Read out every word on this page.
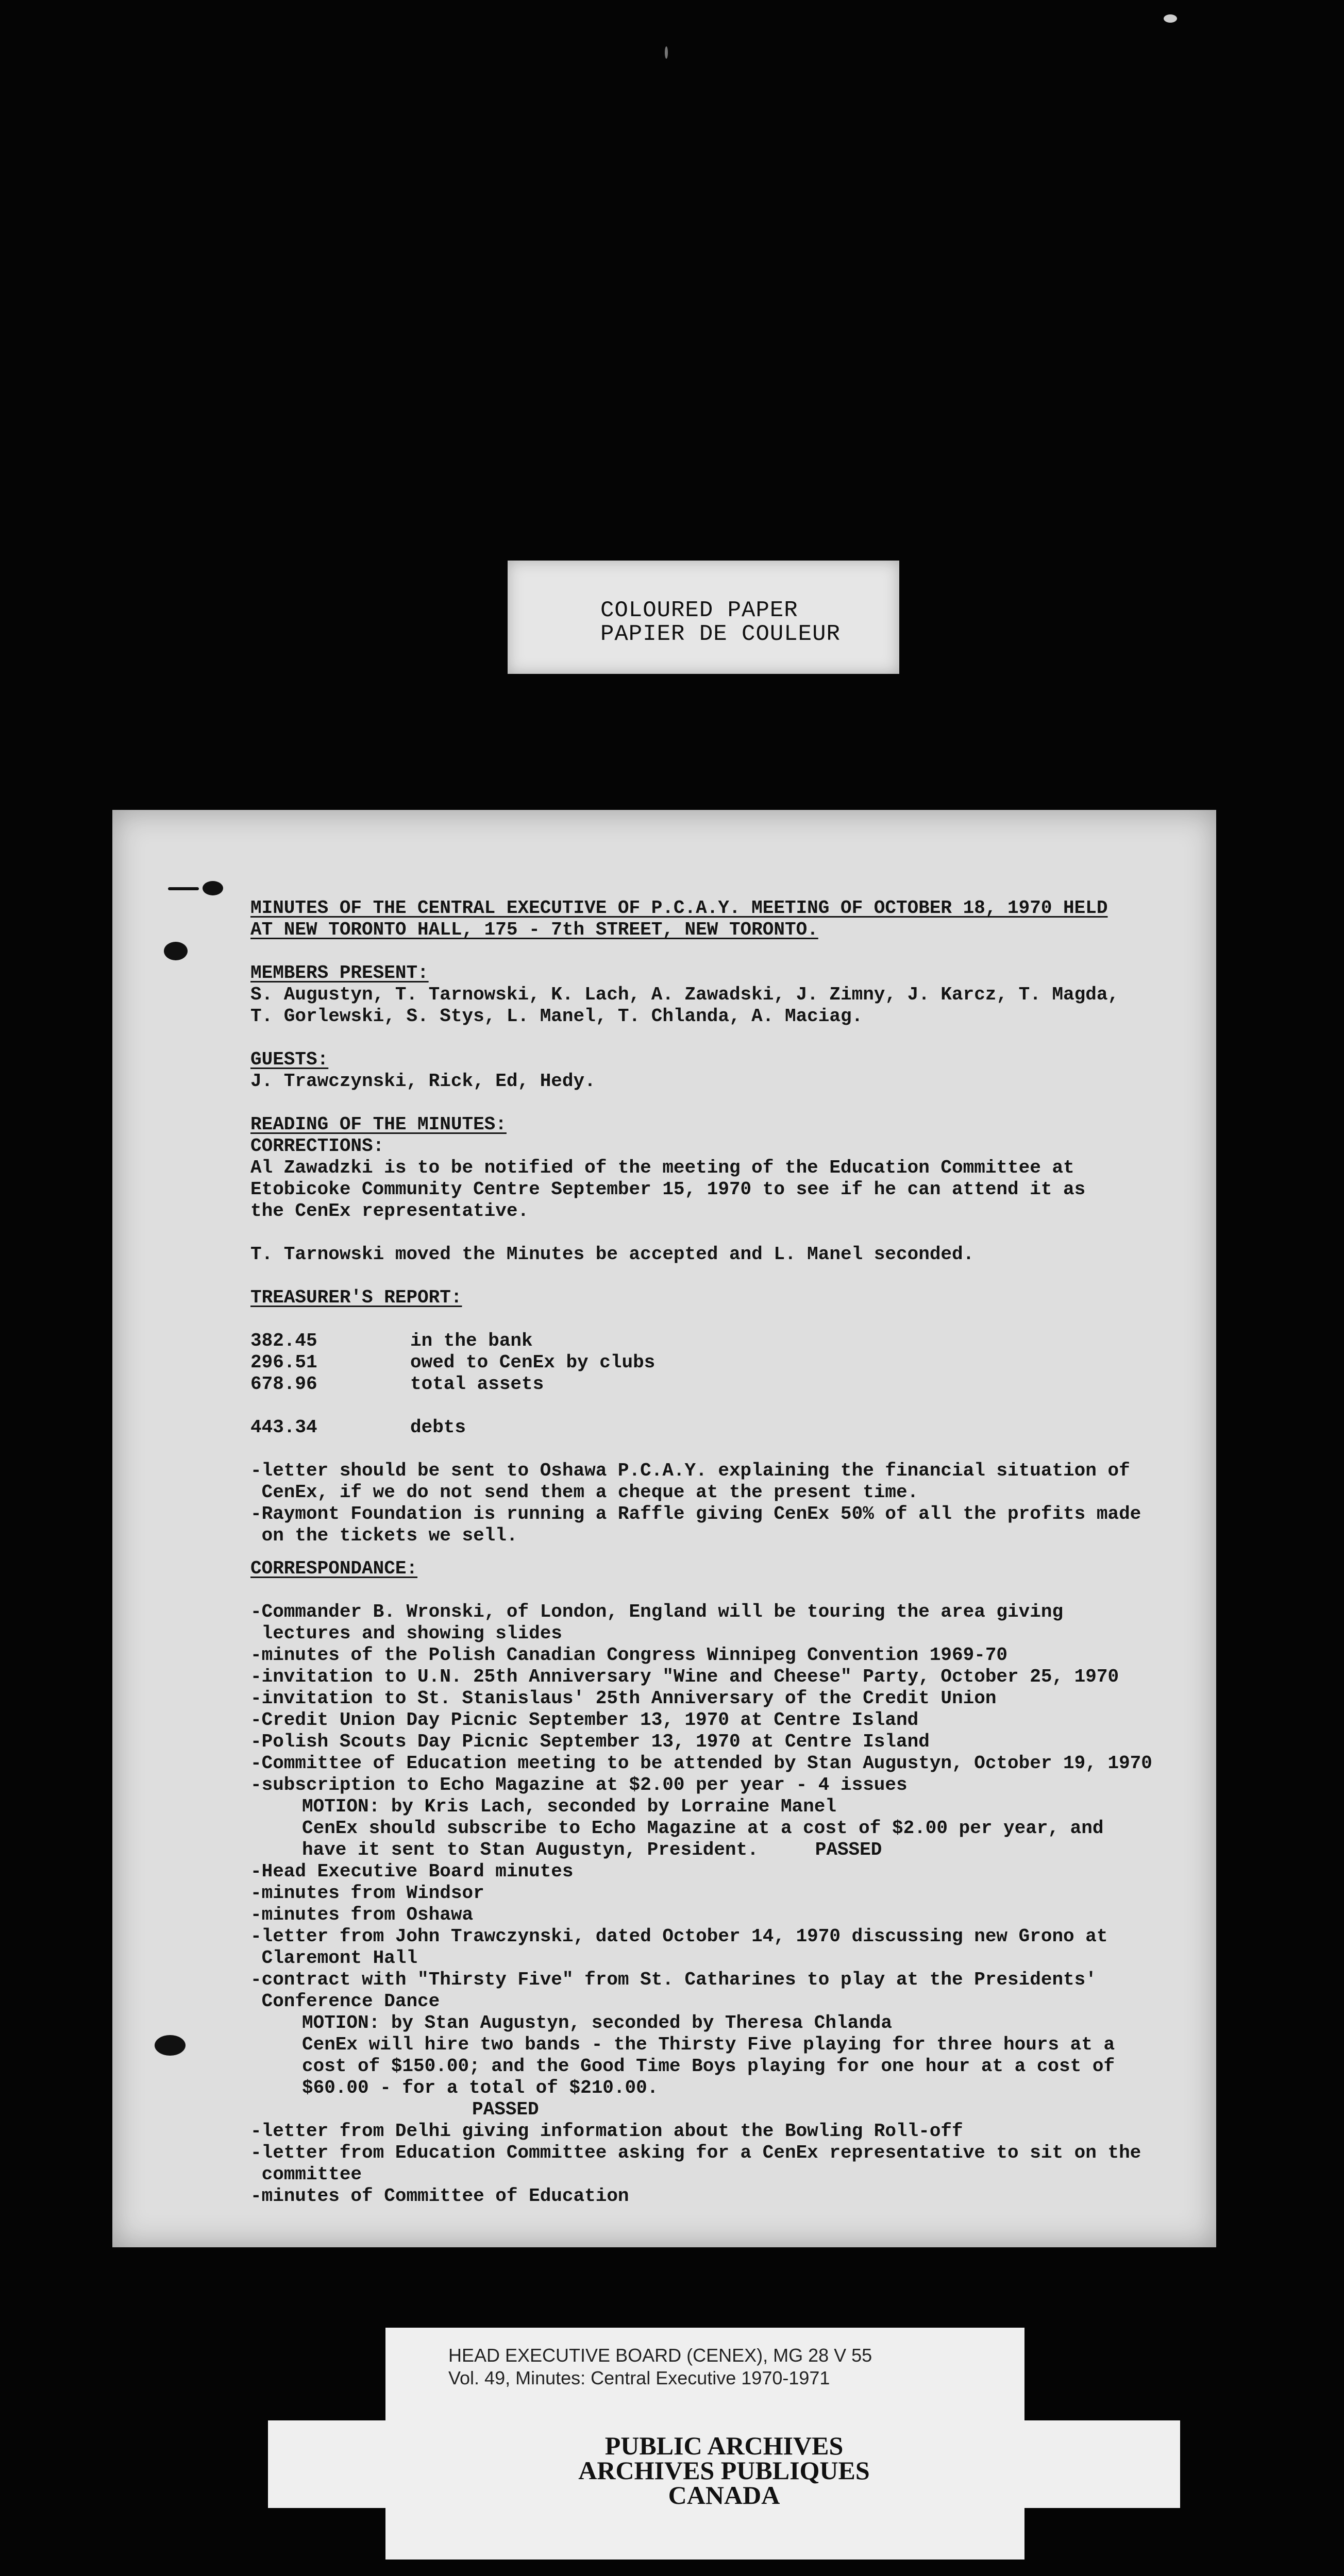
COLOURED PAPER
PAPIER DE COULEUR
MINUTES OF THE CENTRAL EXECUTIVE OF P.C.A.Y. MEETING OF OCTOBER 18, 1970 HELD
AT NEW TORONTO HALL, 175 - 7th STREET, NEW TORONTO.
MEMBERS PRESENT:
S. Augustyn, T. Tarnowski, K. Lach, A. Zawadski, J. Zimny, J. Karcz, T. Magda,
T. Gorlewski, S. Stys, L. Manel, T. Chlanda, A. Maciag.
GUESTS:
J. Trawczynski, Rick, Ed, Hedy.
READING OF THE MINUTES:
CORRECTIONS:
Al Zawadzki is to be notified of the meeting of the Education Committee at
Etobicoke Community Centre September 15, 1970 to see if he can attend it as
the CenEx representative.
T. Tarnowski moved the Minutes be accepted and L. Manel seconded.
TREASURER'S REPORT:
382.45	in the bank
296.51	owed to CenEx by clubs
678.96	total assets
443.34	debts
-letter should be sent to Oshawa P.C.A.Y. explaining the financial situation of
CenEx, if we do not send them a cheque at the present time.
-Raymont Foundation is running a Raffle giving CenEx 50% of all the profits made
on the tickets we sell.
CORRESPONDANCE:
-Commander B. Wronski, of London, England will be touring the area giving
lectures and showing slides
-minutes of the Polish Canadian Congress Winnipeg Convention 1969-70
-invitation to U.N. 25th Anniversary "Wine and Cheese" Party, October 25, 1970
-invitation to St. Stanislaus' 25th Anniversary of the Credit Union
-Credit Union Day Picnic September 13, 1970 at Centre Island
-Polish Scouts Day Picnic September 13, 1970 at Centre Island
-Committee of Education meeting to be attended by Stan Augustyn, October 19, 1970
-subscription to Echo Magazine at $2.00 per year - 4 issues
MOTION: by Kris Lach, seconded by Lorraine Manel
CenEx should subscribe to Echo Magazine at a cost of $2.00 per year, and
have it sent to Stan Augustyn, President.	PASSED
-Head Executive Board minutes
-minutes from Windsor
-minutes from Oshawa
-letter from John Trawczynski, dated October 14, 1970 discussing new Grono at
Claremont Hall
-contract with "Thirsty Five" from St. Catharines to play at the Presidents'
Conference Dance
MOTION: by Stan Augustyn, seconded by Theresa Chlanda
CenEx will hire two bands - the Thirsty Five playing for three hours at a
cost of $150.00; and the Good Time Boys playing for one hour at a cost of
$60.00 - for a total of $210.00.
PASSED
-letter from Delhi giving information about the Bowling Roll-off
-letter from Education Committee asking for a CenEx representative to sit on the
committee
-minutes of Committee of Education
HEAD EXECUTIVE BOARD (CENEX), MG 28 V 55
Vol. 49, Minutes: Central Executive 1970-1971
PUBLIC ARCHIVES
ARCHIVES PUBLIQUES
CANADA
